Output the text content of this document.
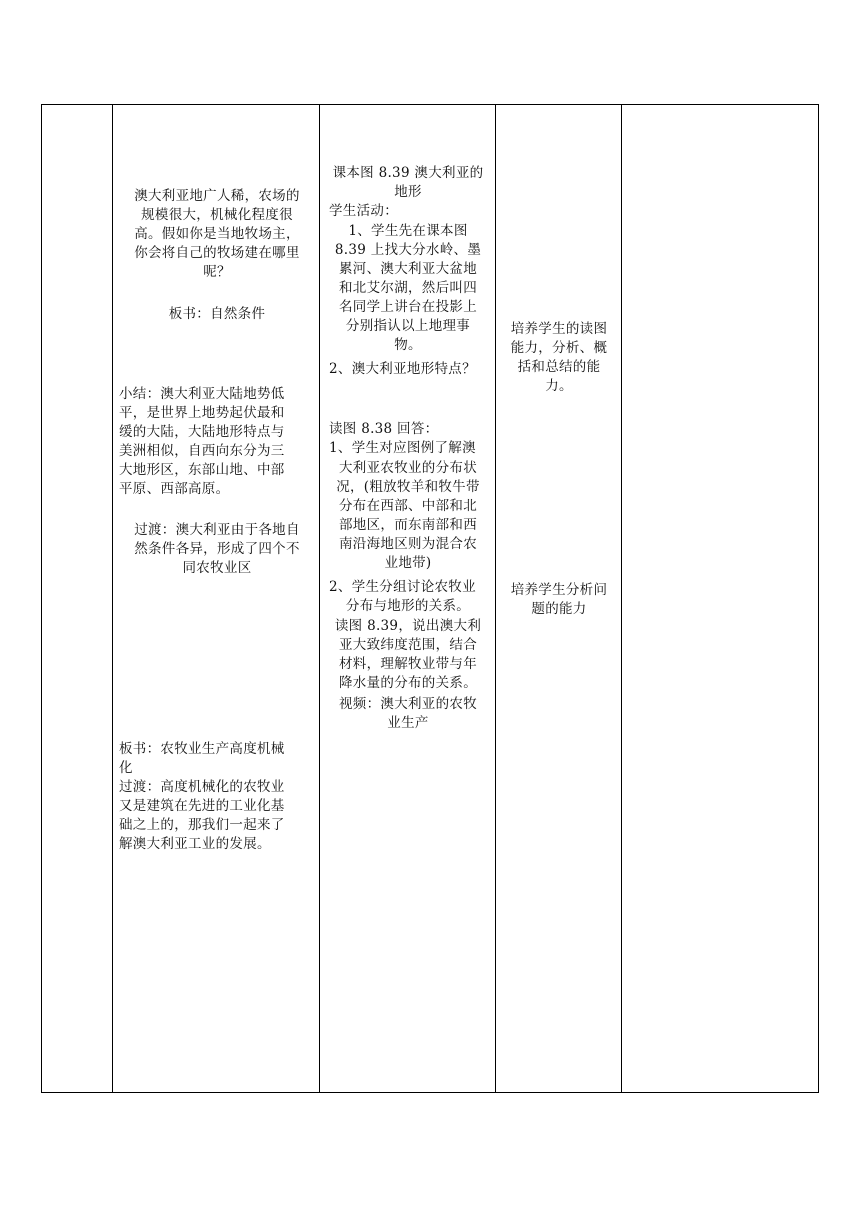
澳大利亚地广人稀，农场的
规模很大，机械化程度很
高。假如你是当地牧场主，
你会将自己的牧场建在哪里
呢？
板书：自然条件
小结：澳大利亚大陆地势低
平，是世界上地势起伏最和
缓的大陆，大陆地形特点与
美洲相似，自西向东分为三
大地形区，东部山地、中部
平原、西部高原。
过渡：澳大利亚由于各地自
然条件各异，形成了四个不
同农牧业区
板书：农牧业生产高度机械
化
过渡：高度机械化的农牧业
又是建筑在先进的工业化基
础之上的，那我们一起来了
解澳大利亚工业的发展。
课本图 8.39 澳大利亚的
地形
学生活动：
1、学生先在课本图
8.39 上找大分水岭、墨
累河、澳大利亚大盆地
和北艾尔湖，然后叫四
名同学上讲台在投影上
分别指认以上地理事
物。
2、澳大利亚地形特点？
读图 8.38 回答：
1、学生对应图例了解澳
大利亚农牧业的分布状
况，(粗放牧羊和牧牛带
分布在西部、中部和北
部地区，而东南部和西
南沿海地区则为混合农
业地带)
2、学生分组讨论农牧业
分布与地形的关系。
读图 8.39，说出澳大利
亚大致纬度范围，结合
材料，理解牧业带与年
降水量的分布的关系。
视频：澳大利亚的农牧
业生产
培养学生的读图
能力，分析、概
括和总结的能
力。
培养学生分析问
题的能力
